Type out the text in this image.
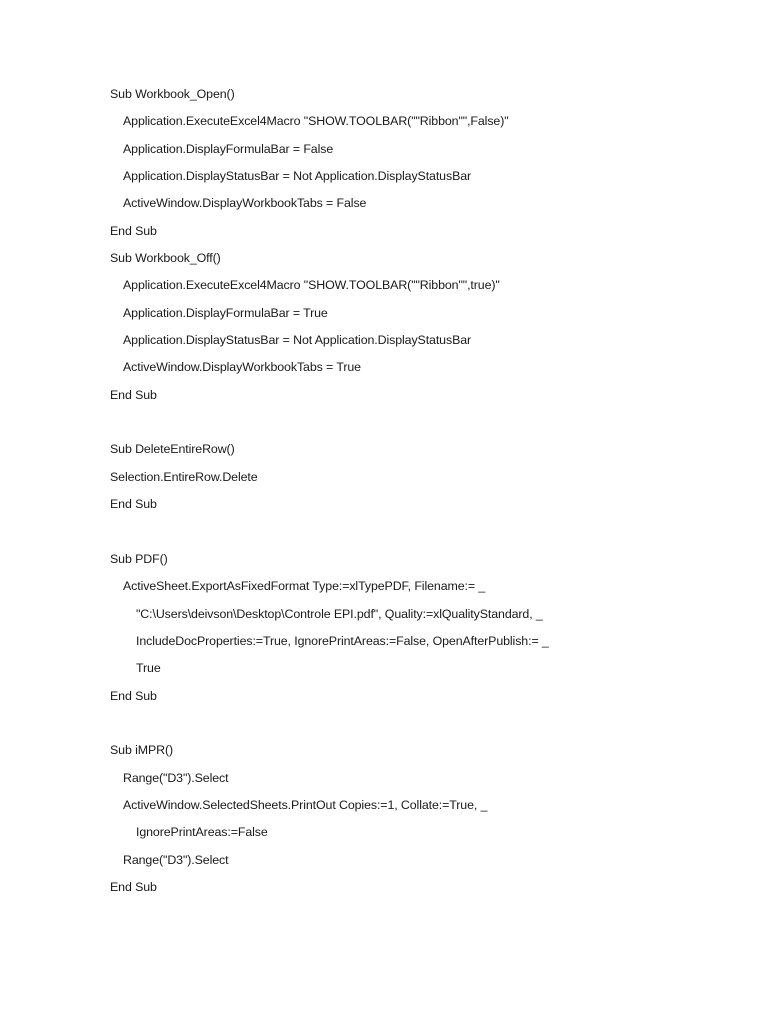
Sub Workbook_Open()
Application.ExecuteExcel4Macro "SHOW.TOOLBAR(""Ribbon"",False)"
Application.DisplayFormulaBar = False
Application.DisplayStatusBar = Not Application.DisplayStatusBar
ActiveWindow.DisplayWorkbookTabs = False
End Sub
Sub Workbook_Off()
Application.ExecuteExcel4Macro "SHOW.TOOLBAR(""Ribbon"",true)"
Application.DisplayFormulaBar = True
Application.DisplayStatusBar = Not Application.DisplayStatusBar
ActiveWindow.DisplayWorkbookTabs = True
End Sub
Sub DeleteEntireRow()
Selection.EntireRow.Delete
End Sub
Sub PDF()
ActiveSheet.ExportAsFixedFormat Type:=xlTypePDF, Filename:= _
"C:\Users\deivson\Desktop\Controle EPI.pdf", Quality:=xlQualityStandard, _
IncludeDocProperties:=True, IgnorePrintAreas:=False, OpenAfterPublish:= _
True
End Sub
Sub iMPR()
Range("D3").Select
ActiveWindow.SelectedSheets.PrintOut Copies:=1, Collate:=True, _
IgnorePrintAreas:=False
Range("D3").Select
End Sub
